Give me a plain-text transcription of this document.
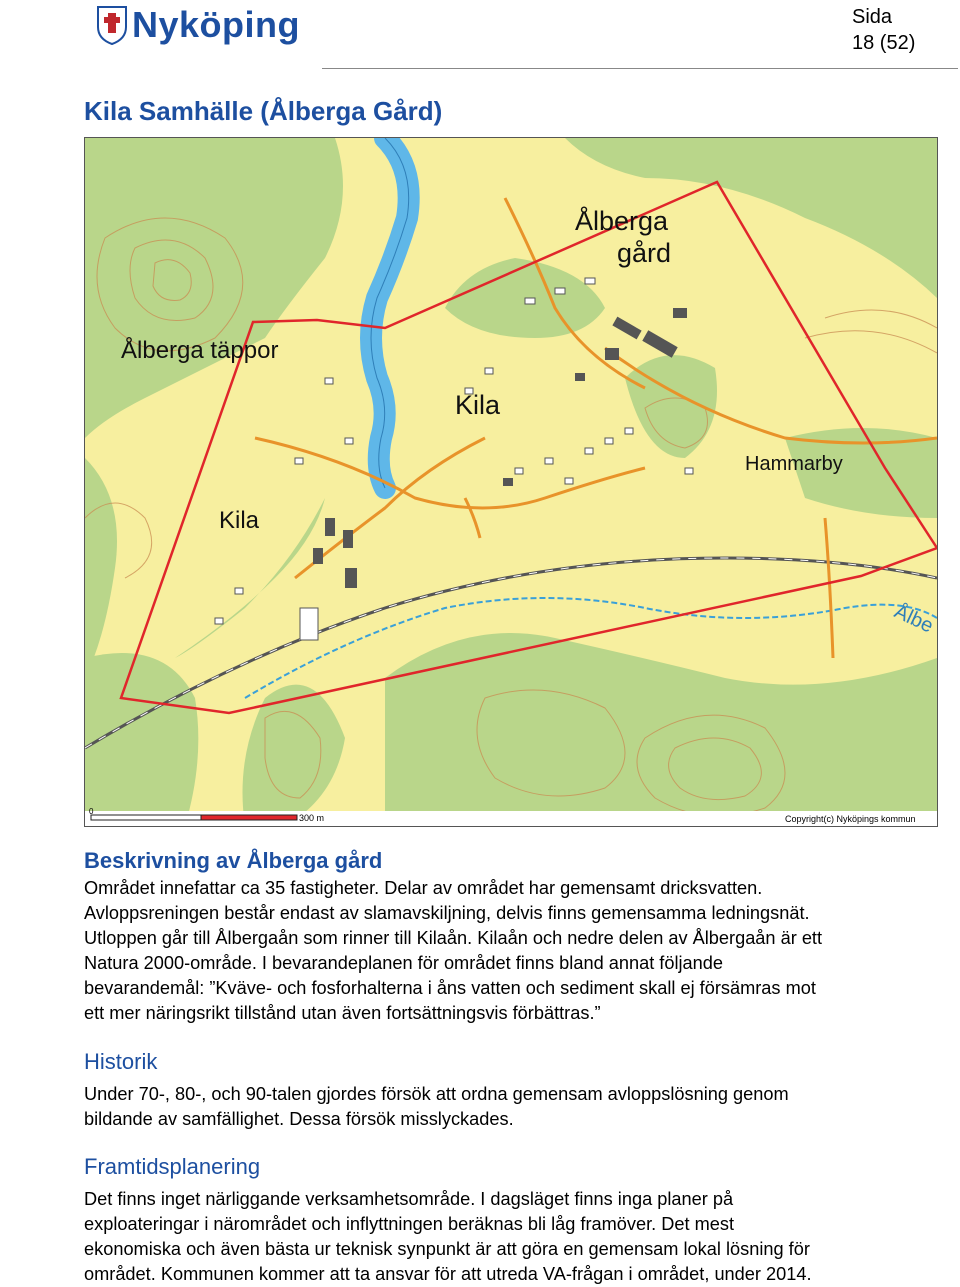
Nyköping	Sida
18 (52)
Kila Samhälle (Ålberga Gård)
Ålberga
gård
Ålberga täppor
Kila
Kila
Hammarby
Ålbe
0
300 m	Copyright(c) Nyköpings kommun
Beskrivning av Ålberga gård
Området innefattar ca 35 fastigheter. Delar av området har gemensamt dricksvatten.
Avloppsreningen består endast av slamavskiljning, delvis finns gemensamma ledningsnät.
Utloppen går till Ålbergaån som rinner till Kilaån. Kilaån och nedre delen av Ålbergaån är ett
Natura 2000-område. I bevarandeplanen för området finns bland annat följande
bevarandemål: ”Kväve- och fosforhalterna i åns vatten och sediment skall ej försämras mot
ett mer näringsrikt tillstånd utan även fortsättningsvis förbättras.”
Historik
Under 70-, 80-, och 90-talen gjordes försök att ordna gemensam avloppslösning genom
bildande av samfällighet. Dessa försök misslyckades.
Framtidsplanering
Det finns inget närliggande verksamhetsområde. I dagsläget finns inga planer på
exploateringar i närområdet och inflyttningen beräknas bli låg framöver. Det mest
ekonomiska och även bästa ur teknisk synpunkt är att göra en gemensam lokal lösning för
området. Kommunen kommer att ta ansvar för att utreda VA-frågan i området, under 2014.
